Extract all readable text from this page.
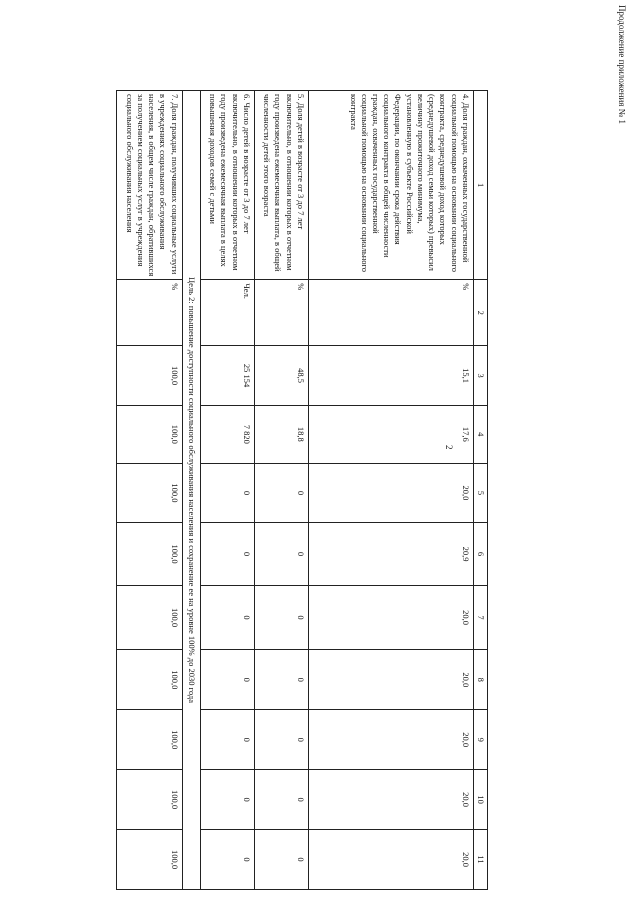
Продолжение приложения № 1
2
1	2	3	4	5	6	7	8	9	10	11
4. Доля граждан, охваченных государственной социальной помощью на основании социального контракта, среднедушевой доход которых (среднедушевой доход семьи которых) превысил величину прожиточного минимума, установленную в субъекте Российской Федерации, по окончании срока действия социального контракта в общей численности граждан, охваченных государственной социальной помощью на основании социального контракта	%	15,1	17,6	20,0	20,9	20,0	20,0	20,0	20,0	20,0
5. Доля детей в возрасте от 3 до 7 лет включительно, в отношении которых в отчетном году произведена ежемесячная выплата, в общей численности детей этого возраста	%	48,5	18,8	0	0	0	0	0	0	0
6. Число детей в возрасте от 3 до 7 лет включительно, в отношении которых в отчетном году произведена ежемесячная выплата в целях повышения доходов семей с детьми	Чел.	25 154	7 820	0	0	0	0	0	0	0
Цель 2: повышение доступности социального обслуживания населения и сохранение ее на уровне 100% до 2030 года										
7. Доля граждан, получивших социальные услуги в учреждениях социального обслуживания населения, в общем числе граждан, обратившихся за получением социальных услуг в учреждения социального обслуживания населения	%	100,0	100,0	100,0	100,0	100,0	100,0	100,0	100,0	100,0
